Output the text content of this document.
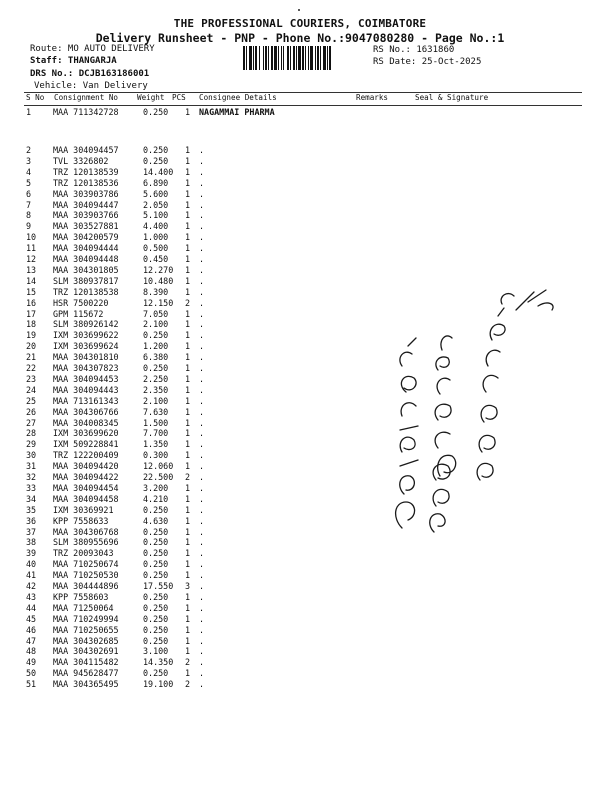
THE PROFESSIONAL COURIERS, COIMBATORE
Delivery Runsheet - PNP - Phone No.:9047080280 - Page No.:1
Route: MO AUTO DELIVERY
Staff: THANGARJA
DRS No.: DCJB163186001
Vehicle: Van Delivery
RS No.: 1631860
RS Date: 25-Oct-2025
S No Consignment No Weight PCS Consignee Details	Remarks	Seal & Signature
1	MAA 711342728	0.250 1 NAGAMMAI PHARMA
2	MAA 304094457	0.250 1 .
3	TVL 3326802	0.250 1 .
4	TRZ 120138539	14.400 1 .
5	TRZ 120138536	6.890 1 .
6	MAA 303903786	5.600 1 .
7	MAA 304094447	2.050 1 .
8	MAA 303903766	5.100 1 .
9	MAA 303527881	4.400 1 .
10 MAA 304200579	1.000 1 .
11 MAA 304094444	0.500 1 .
12 MAA 304094448	0.450 1 .
13 MAA 304301805	12.270 1 .
14 SLM 380937817	10.480 1 .
15 TRZ 120138538	8.390 1 .
16 HSR 7500220	12.150 2 .
17 GPM 115672	7.050 1 .
18 SLM 380926142	2.100 1 .
19 IXM 303699622	0.250 1 .
20 IXM 303699624	1.200 1 .
21 MAA 304301810	6.380 1 .
22 MAA 304307823	0.250 1 .
23 MAA 304094453	2.250 1 .
24 MAA 304094443	2.350 1 .
25 MAA 713161343	2.100 1 .
26 MAA 304306766	7.630 1 .
27 MAA 304008345	1.500 1 .
28 IXM 303699620	7.700 1 .
29 IXM 509228841	1.350 1 .
30 TRZ 122200409	0.300 1 .
31 MAA 304094420	12.060 1 .
32 MAA 304094422	22.500 2 .
33 MAA 304094454	3.200 1 .
34 MAA 304094458	4.210 1 .
35 IXM 30369921	0.250 1 .
36 KPP 7558633	4.630 1 .
37 MAA 304306768	0.250 1 .
38 SLM 380955696	0.250 1 .
39 TRZ 20093043	0.250 1 .
40 MAA 710250674	0.250 1 .
41 MAA 710250530	0.250 1 .
42 MAA 304444896	17.550 3 .
43 KPP 7558603	0.250 1 .
44 MAA 71250064	0.250 1 .
45 MAA 710249994	0.250 1 .
46 MAA 710250655	0.250 1 .
47 MAA 304302685	0.250 1 .
48 MAA 304302691	3.100 1 .
49 MAA 304115482	14.350 2 .
50 MAA 945628477	0.250 1 .
51 MAA 304365495	19.100 2 .
